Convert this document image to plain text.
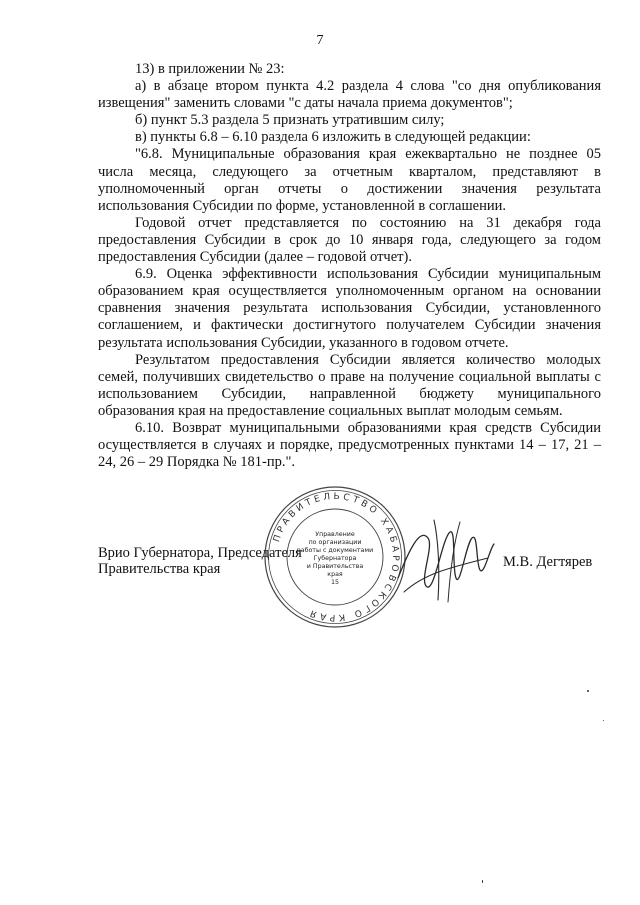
7

13) в приложении № 23:

а) в абзаце втором пункта 4.2 раздела 4 слова "со дня опубликования извещения" заменить словами "с даты начала приема документов";

б) пункт 5.3 раздела 5 признать утратившим силу;

в) пункты 6.8 – 6.10 раздела 6 изложить в следующей редакции:

"6.8. Муниципальные образования края ежеквартально не позднее 05 числа месяца, следующего за отчетным кварталом, представляют в уполномоченный орган отчеты о достижении значения результата использования Субсидии по форме, установленной в соглашении.

Годовой отчет представляется по состоянию на 31 декабря года предоставления Субсидии в срок до 10 января года, следующего за годом предоставления Субсидии (далее – годовой отчет).

6.9. Оценка эффективности использования Субсидии муниципальным образованием края осуществляется уполномоченным органом на основании сравнения значения результата использования Субсидии, установленного соглашением, и фактически достигнутого получателем Субсидии значения результата использования Субсидии, указанного в годовом отчете.

Результатом предоставления Субсидии является количество молодых семей, получивших свидетельство о праве на получение социальной выплаты с использованием Субсидии, направленной бюджету муниципального образования края на предоставление социальных выплат молодым семьям.

6.10. Возврат муниципальными образованиями края средств Субсидии осуществляется в случаях и порядке, предусмотренных пунктами 14 – 17, 21 – 24, 26 – 29 Порядка № 181-пр.".

ПРАВИТЕЛЬСТВО ХАБАРОВСКОГО КРАЯ
Управление
по организации
работы с документами
Губернатора
и Правительства
края
15
Врио Губернатора, Председателя
Правительства края	М.В. Дегтярев
